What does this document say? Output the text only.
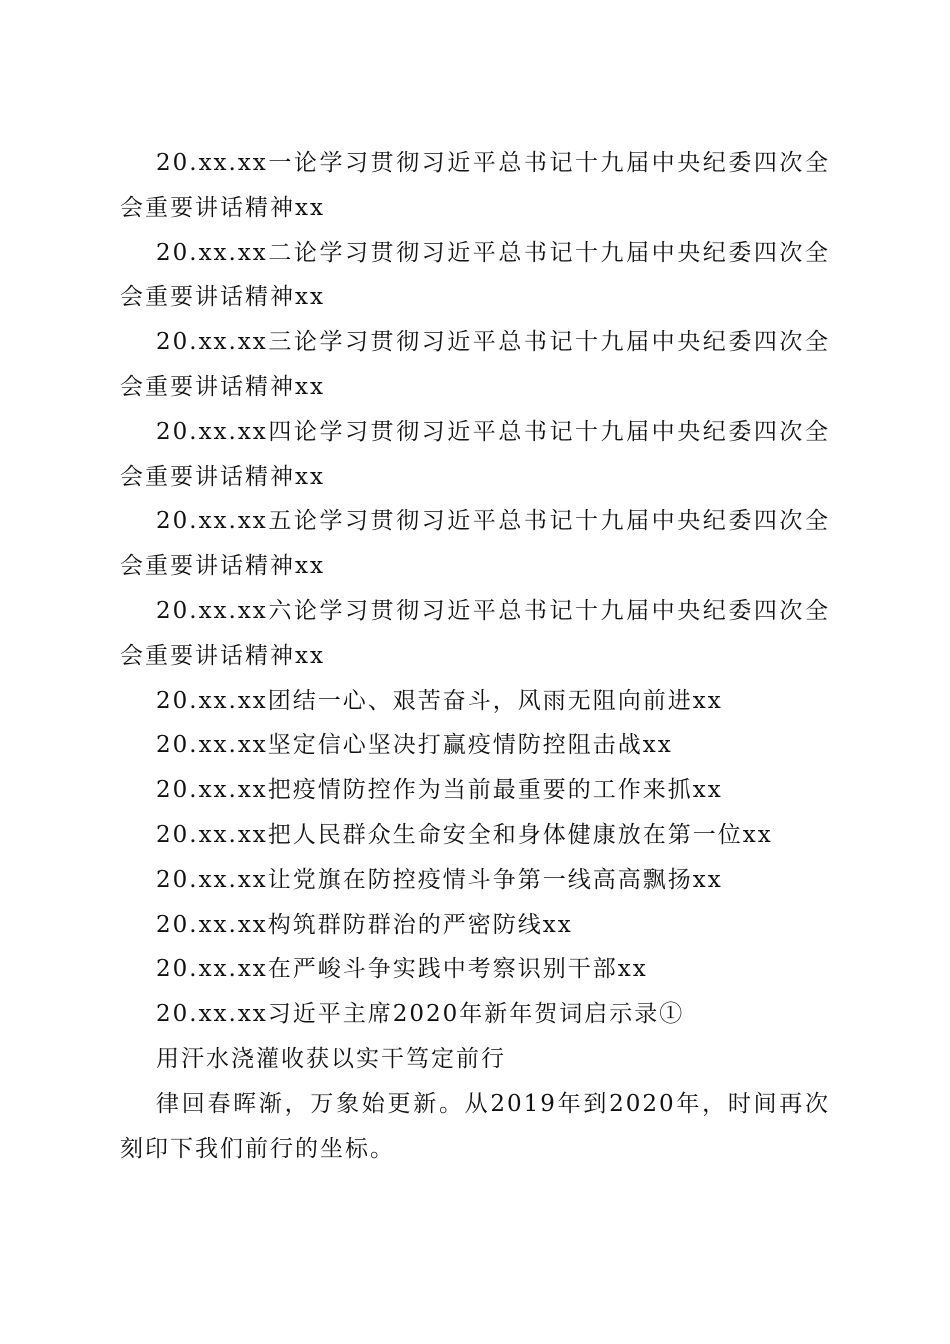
20.xx.xx一论学习贯彻习近平总书记十九届中央纪委四次全会重要讲话精神xx

20.xx.xx二论学习贯彻习近平总书记十九届中央纪委四次全会重要讲话精神xx

20.xx.xx三论学习贯彻习近平总书记十九届中央纪委四次全会重要讲话精神xx

20.xx.xx四论学习贯彻习近平总书记十九届中央纪委四次全会重要讲话精神xx

20.xx.xx五论学习贯彻习近平总书记十九届中央纪委四次全会重要讲话精神xx

20.xx.xx六论学习贯彻习近平总书记十九届中央纪委四次全会重要讲话精神xx

20.xx.xx团结一心、艰苦奋斗，风雨无阻向前进xx

20.xx.xx坚定信心坚决打赢疫情防控阻击战xx

20.xx.xx把疫情防控作为当前最重要的工作来抓xx

20.xx.xx把人民群众生命安全和身体健康放在第一位xx

20.xx.xx让党旗在防控疫情斗争第一线高高飘扬xx

20.xx.xx构筑群防群治的严密防线xx

20.xx.xx在严峻斗争实践中考察识别干部xx

20.xx.xx习近平主席2020年新年贺词启示录①

用汗水浇灌收获以实干笃定前行

律回春晖渐，万象始更新。从2019年到2020年，时间再次刻印下我们前行的坐标。
